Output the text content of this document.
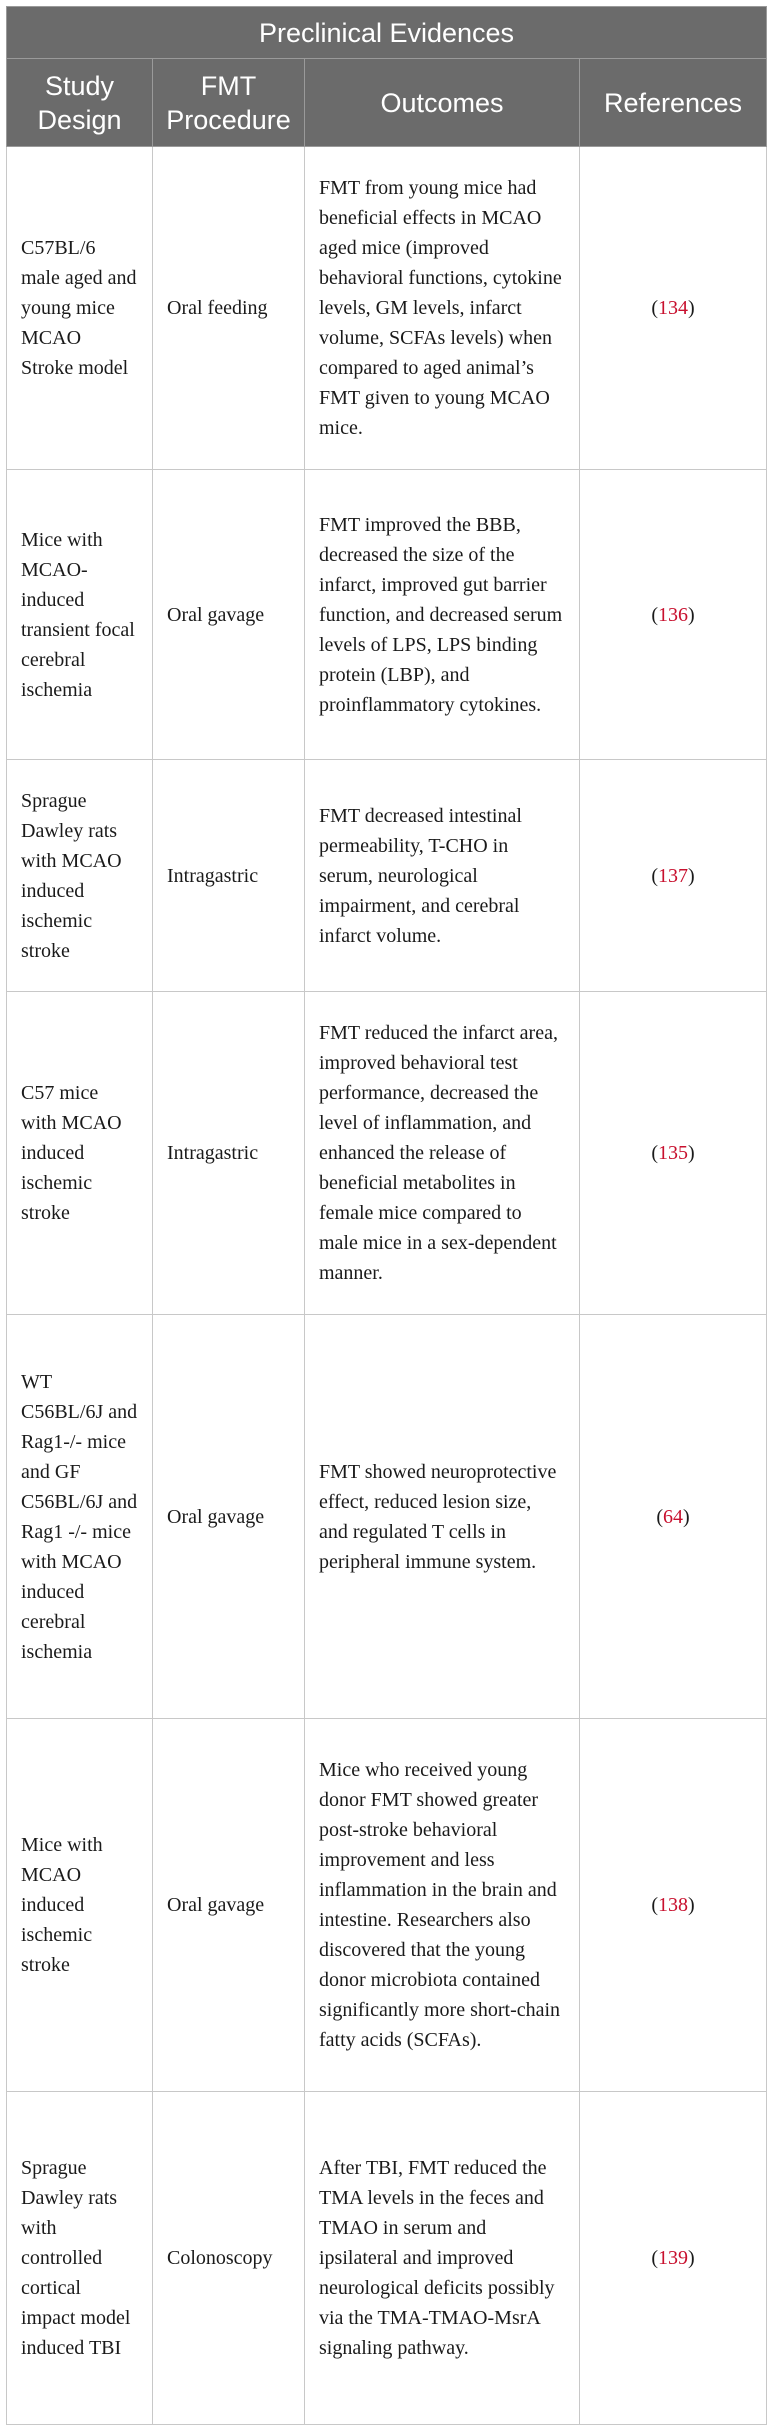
Preclinical Evidences			
Study Design	FMT Procedure	Outcomes	References
C57BL/6 male aged and young mice MCAO Stroke model	Oral feeding	FMT from young mice had beneficial effects in MCAO aged mice (improved behavioral functions, cytokine levels, GM levels, infarct volume, SCFAs levels) when compared to aged animal’s FMT given to young MCAO mice.	(134)
Mice with MCAO-induced transient focal cerebral ischemia	Oral gavage	FMT improved the BBB, decreased the size of the infarct, improved gut barrier function, and decreased serum levels of LPS, LPS binding protein (LBP), and proinflammatory cytokines.	(136)
Sprague Dawley rats with MCAO induced ischemic stroke	Intragastric	FMT decreased intestinal permeability, T-CHO in serum, neurological impairment, and cerebral infarct volume.	(137)
C57 mice with MCAO induced ischemic stroke	Intragastric	FMT reduced the infarct area, improved behavioral test performance, decreased the level of inflammation, and enhanced the release of beneficial metabolites in female mice compared to male mice in a sex-dependent manner.	(135)
WT C56BL/6J and Rag1-/- mice and GF C56BL/6J and Rag1 -/- mice with MCAO induced cerebral ischemia	Oral gavage	FMT showed neuroprotective effect, reduced lesion size, and regulated T cells in peripheral immune system.	(64)
Mice with MCAO induced ischemic stroke	Oral gavage	Mice who received young donor FMT showed greater post-stroke behavioral improvement and less inflammation in the brain and intestine. Researchers also discovered that the young donor microbiota contained significantly more short-chain fatty acids (SCFAs).	(138)
Sprague Dawley rats with controlled cortical impact model induced TBI	Colonoscopy	After TBI, FMT reduced the TMA levels in the feces and TMAO in serum and ipsilateral and improved neurological deficits possibly via the TMA-TMAO-MsrA signaling pathway.	(139)
